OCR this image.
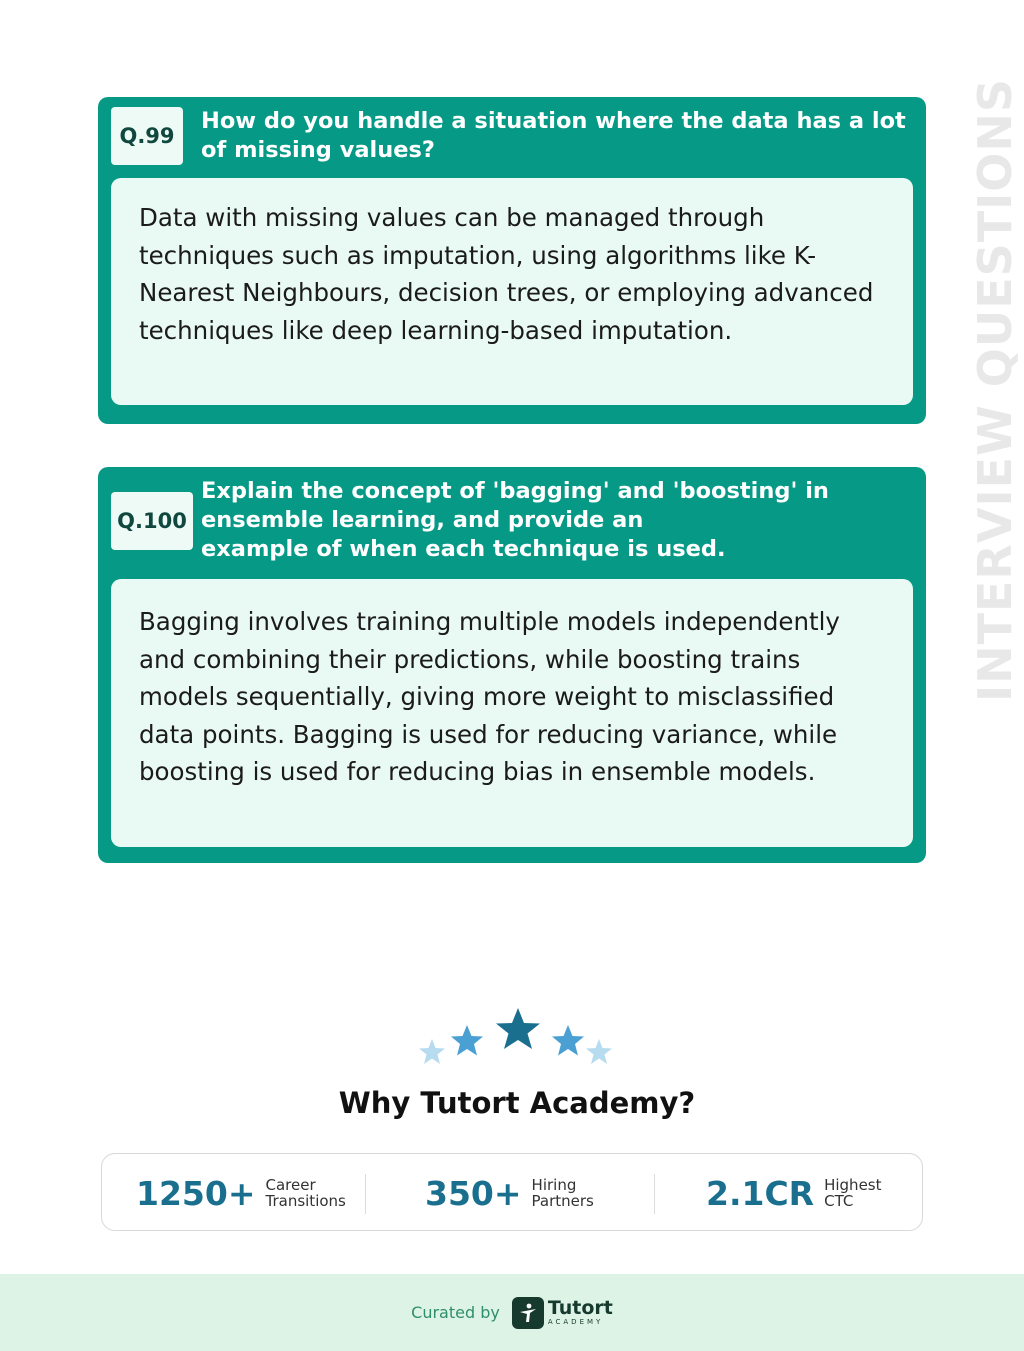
INTERVIEW QUESTIONS
Q.99
How do you handle a situation where the data has a lot of missing values?
Data with missing values can be managed through techniques such as imputation, using algorithms like K-Nearest Neighbours, decision trees, or employing advanced techniques like deep learning-based imputation.
Q.100
Explain the concept of 'bagging' and 'boosting' in
ensemble learning, and provide an
example of when each technique is used.
Bagging involves training multiple models independently and combining their predictions, while boosting trains models sequentially, giving more weight to misclassified data points. Bagging is used for reducing variance, while boosting is used for reducing bias in ensemble models.
Why Tutort Academy?
1250+ Career
Transitions 350+ Hiring
Partners	2.1CR Highest
CTC
Curated by	Tutort
ACADEMY
